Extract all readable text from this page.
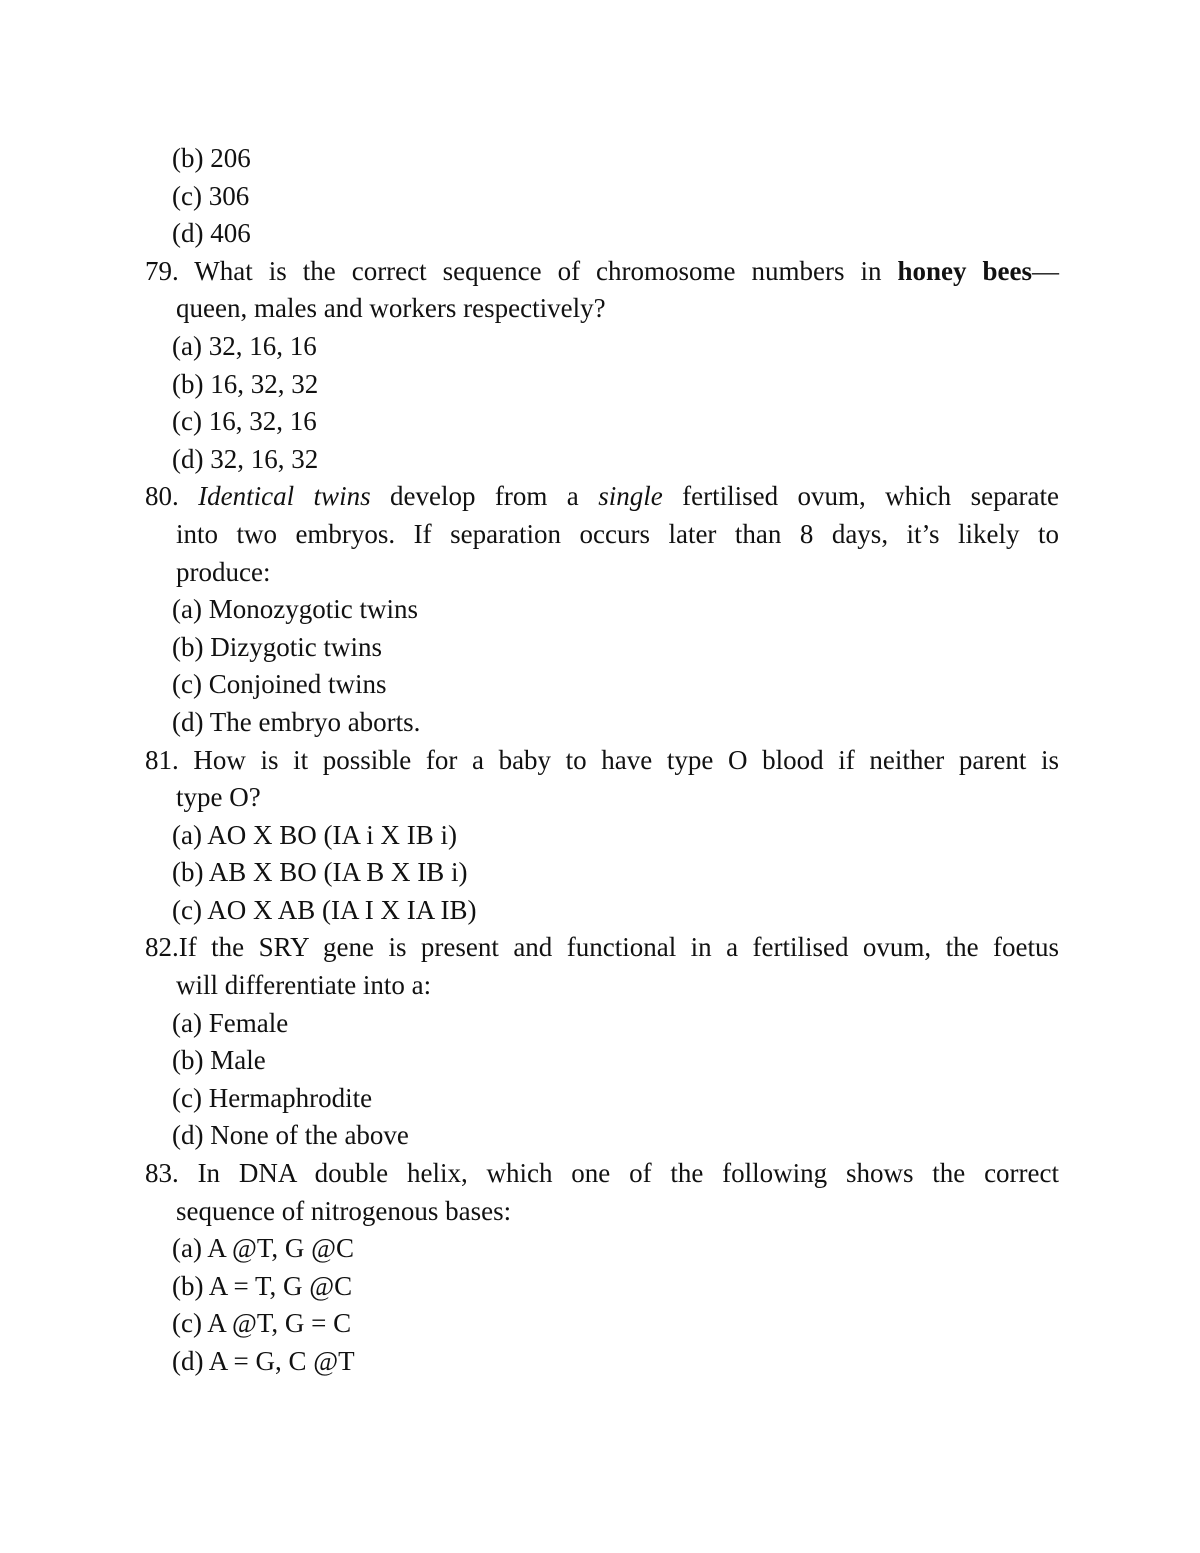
(b) 206
(c) 306
(d) 406
79. What is the correct sequence of chromosome numbers in honey bees—
queen, males and workers respectively?
(a) 32, 16, 16
(b) 16, 32, 32
(c) 16, 32, 16
(d) 32, 16, 32
80. Identical twins develop from a single fertilised ovum, which separate
into two embryos. If separation occurs later than 8 days, it’s likely to
produce:
(a) Monozygotic twins
(b) Dizygotic twins
(c) Conjoined twins
(d) The embryo aborts.
81. How is it possible for a baby to have type O blood if neither parent is
type O?
(a) AO X BO (IA i X IB i)
(b) AB X BO (IA B X IB i)
(c) AO X AB (IA I X IA IB)
82.If the SRY gene is present and functional in a fertilised ovum, the foetus
will differentiate into a:
(a) Female
(b) Male
(c) Hermaphrodite
(d) None of the above
83. In DNA double helix, which one of the following shows the correct
sequence of nitrogenous bases:
(a) A @T, G @C
(b) A = T, G @C
(c) A @T, G = C
(d) A = G, C @T
